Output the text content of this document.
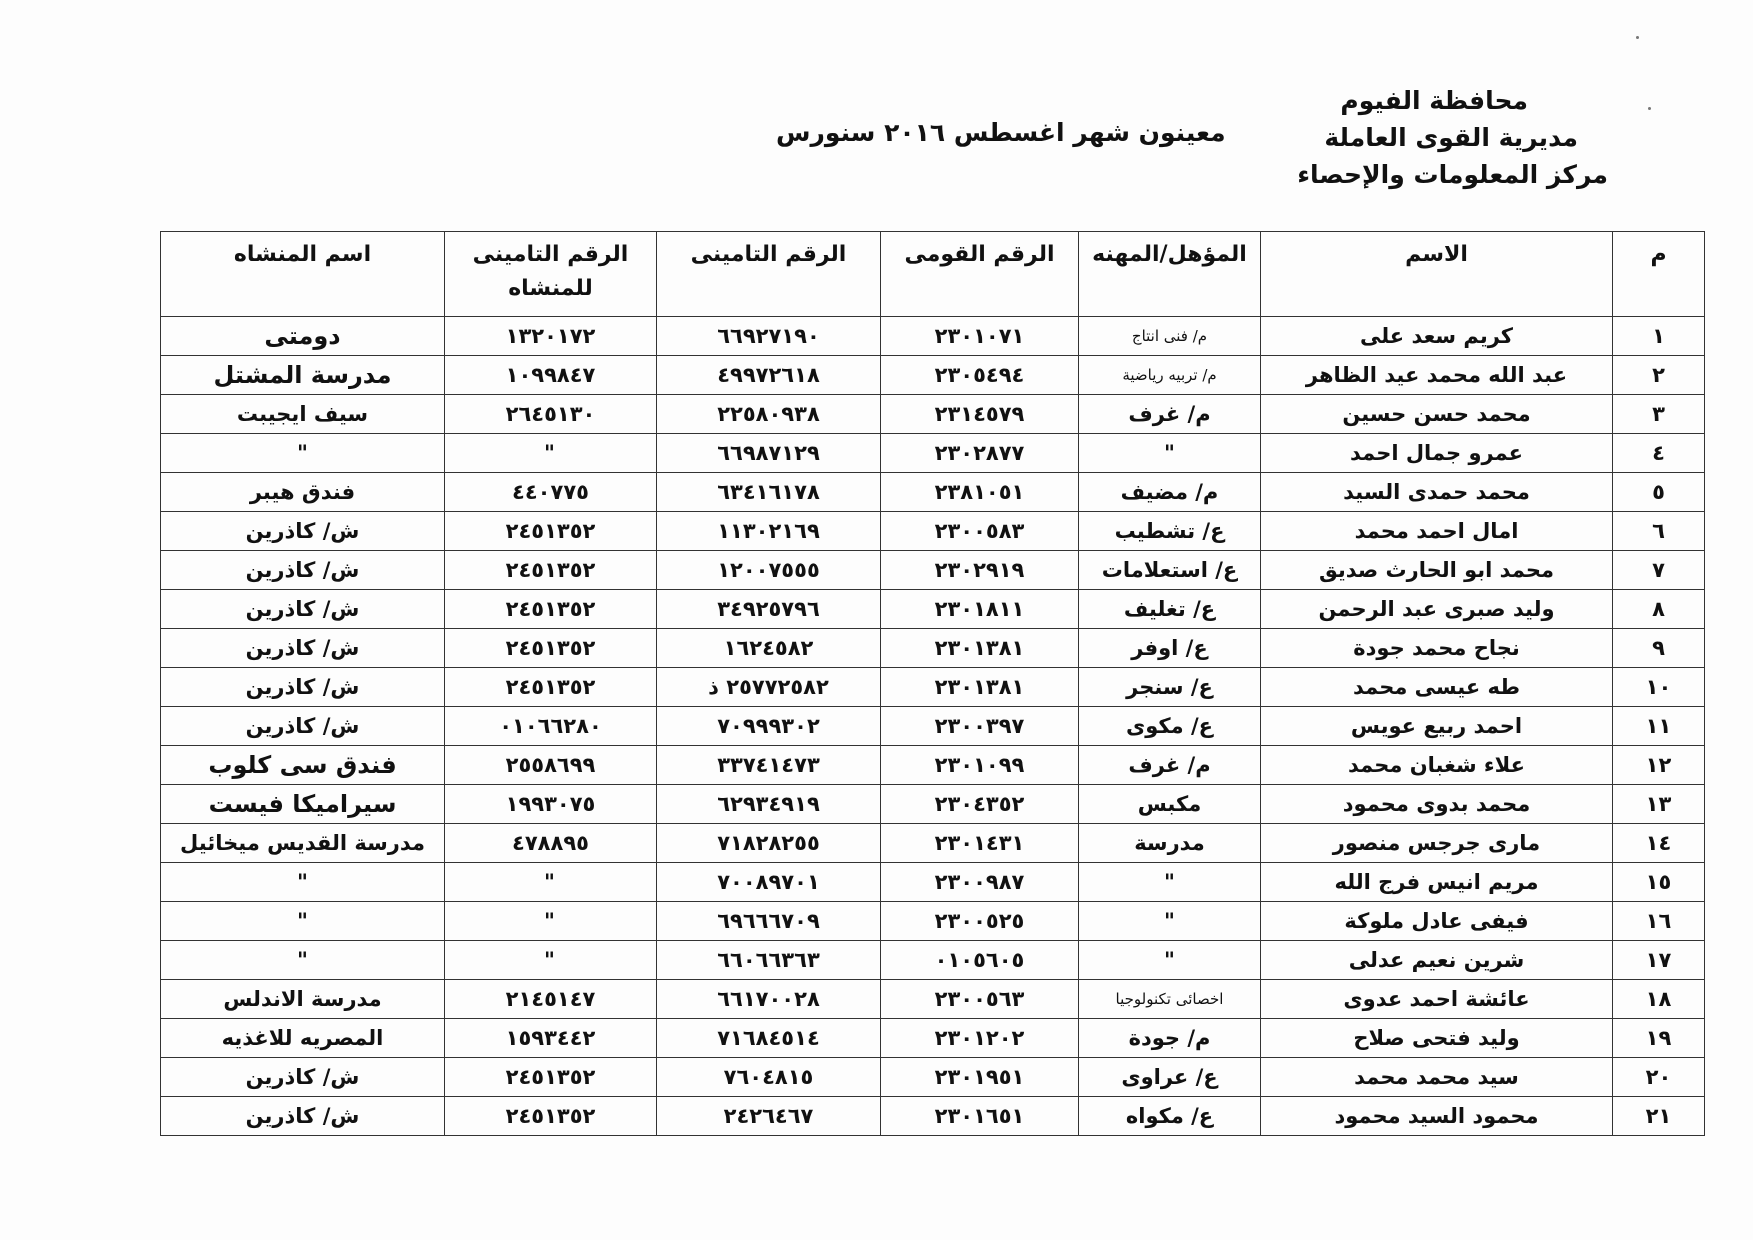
محافظة الفيوم
مديرية القوى العاملة
مركز المعلومات والإحصاء
معينون شهر اغسطس ٢٠١٦ سنورس
م	الاسم	المؤهل/المهنه	الرقم القومى	الرقم التامينى	الرقم التامينى للمنشاه	اسم المنشاه
١	كريم سعد على	م/ فنى انتاج	٢٣٠١٠٧١	٦٦٩٢٧١٩٠	١٣٢٠١٧٢	دومتى
٢	عبد الله محمد عيد الظاهر	م/ تربيه رياضية	٢٣٠٥٤٩٤	٤٩٩٧٢٦١٨	١٠٩٩٨٤٧	مدرسة المشتل
٣	محمد حسن حسين	م/ غرف	٢٣١٤٥٧٩	٢٢٥٨٠٩٣٨	٢٦٤٥١٣٠	سيف ايجيبت
٤	عمرو جمال احمد	"	٢٣٠٢٨٧٧	٦٦٩٨٧١٢٩	"	"
٥	محمد حمدى السيد	م/ مضيف	٢٣٨١٠٥١	٦٣٤١٦١٧٨	٤٤٠٧٧٥	فندق هيبر
٦	امال احمد محمد	ع/ تشطيب	٢٣٠٠٥٨٣	١١٣٠٢١٦٩	٢٤٥١٣٥٢	ش/ كاذرين
٧	محمد ابو الحارث صديق	ع/ استعلامات	٢٣٠٢٩١٩	١٢٠٠٧٥٥٥	٢٤٥١٣٥٢	ش/ كاذرين
٨	وليد صبرى عبد الرحمن	ع/ تغليف	٢٣٠١٨١١	٣٤٩٢٥٧٩٦	٢٤٥١٣٥٢	ش/ كاذرين
٩	نجاح محمد جودة	ع/ اوفر	٢٣٠١٣٨١	١٦٢٤٥٨٢	٢٤٥١٣٥٢	ش/ كاذرين
١٠	طه عيسى محمد	ع/ سنجر	٢٣٠١٣٨١	٢٥٧٧٢٥٨٢ ذ	٢٤٥١٣٥٢	ش/ كاذرين
١١	احمد ربيع عويس	ع/ مكوى	٢٣٠٠٣٩٧	٧٠٩٩٩٣٠٢	٠١٠٦٦٢٨٠	ش/ كاذرين
١٢	علاء شغبان محمد	م/ غرف	٢٣٠١٠٩٩	٣٣٧٤١٤٧٣	٢٥٥٨٦٩٩	فندق سى كلوب
١٣	محمد بدوى محمود	مكبس	٢٣٠٤٣٥٢	٦٢٩٣٤٩١٩	١٩٩٣٠٧٥	سيراميكا فيست
١٤	مارى جرجس منصور	مدرسة	٢٣٠١٤٣١	٧١٨٢٨٢٥٥	٤٧٨٨٩٥	مدرسة القديس ميخائيل
١٥	مريم انيس فرج الله	"	٢٣٠٠٩٨٧	٧٠٠٨٩٧٠١	"	"
١٦	فيفى عادل ملوكة	"	٢٣٠٠٥٢٥	٦٩٦٦٦٧٠٩	"	"
١٧	شرين نعيم عدلى	"	٠١٠٥٦٠٥	٦٦٠٦٦٣٦٣	"	"
١٨	عائشة احمد عدوى	اخصائى تكنولوجيا	٢٣٠٠٥٦٣	٦٦١٧٠٠٢٨	٢١٤٥١٤٧	مدرسة الاندلس
١٩	وليد فتحى صلاح	م/ جودة	٢٣٠١٢٠٢	٧١٦٨٤٥١٤	١٥٩٣٤٤٢	المصريه للاغذيه
٢٠	سيد محمد محمد	ع/ عراوى	٢٣٠١٩٥١	٧٦٠٤٨١٥	٢٤٥١٣٥٢	ش/ كاذرين
٢١	محمود السيد محمود	ع/ مكواه	٢٣٠١٦٥١	٢٤٢٦٤٦٧	٢٤٥١٣٥٢	ش/ كاذرين
